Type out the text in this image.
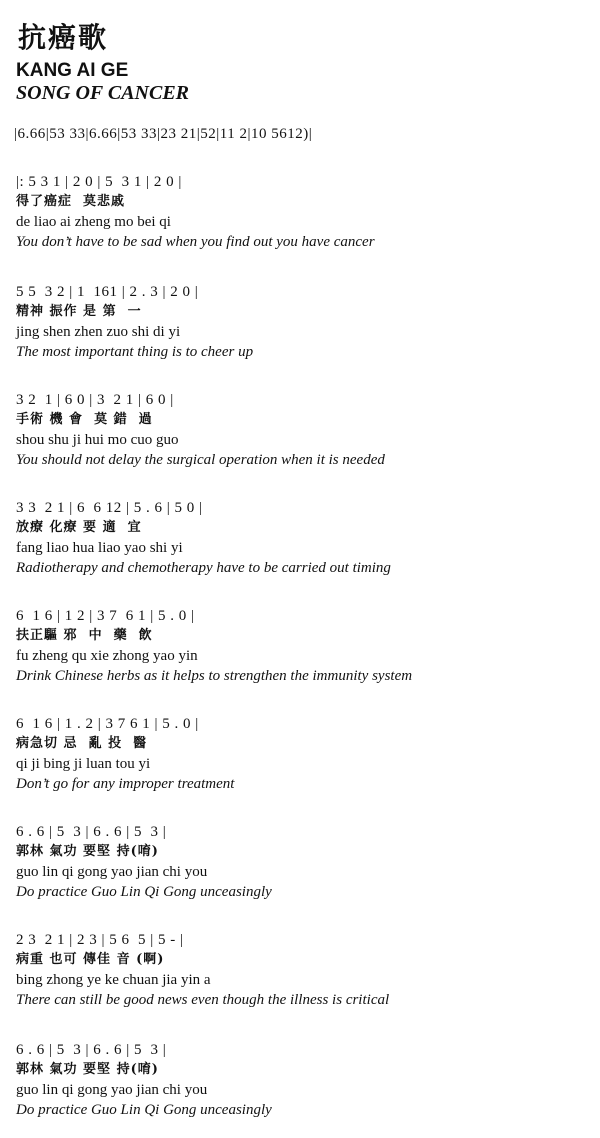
抗癌歌
KANG AI GE
SONG OF CANCER
|6.66|53 33|6.66|53 33|23 21|52|11 2|10 5612)|
|: 5 3 1 | 2 0 | 5  3 1 | 2 0 |
得了癌症  莫悲戚
de liao ai zheng mo bei qi
You don’t have to be sad when you find out you have cancer
5 5  3 2 | 1  161 | 2 . 3 | 2 0 |
精神 振作 是 第  一
jing shen zhen zuo shi di yi
The most important thing is to cheer up
3 2  1 | 6 0 | 3  2 1 | 6 0 |
手術 機 會  莫 錯  過
shou shu ji hui mo cuo guo
You should not delay the surgical operation when it is needed
3 3  2 1 | 6  6 12 | 5 . 6 | 5 0 |
放療 化療 要 適  宜
fang liao hua liao yao shi yi
Radiotherapy and chemotherapy have to be carried out timing
6  1 6 | 1 2 | 3 7  6 1 | 5 . 0 |
扶正驅 邪  中  藥  飲
fu zheng qu xie zhong yao yin
Drink Chinese herbs as it helps to strengthen the immunity system
6  1 6 | 1 . 2 | 3 7 6 1 | 5 . 0 |
病急切 忌  亂 投  醫
qi ji bing ji luan tou yi
Don’t go for any improper treatment
6 . 6 | 5  3 | 6 . 6 | 5  3 |
郭林 氣功 要堅 持(唷)
guo lin qi gong yao jian chi you
Do practice Guo Lin Qi Gong unceasingly
2 3  2 1 | 2 3 | 5 6  5 | 5 - |
病重 也可 傳佳 音 (啊)
bing zhong ye ke chuan jia yin a
There can still be good news even though the illness is critical
6 . 6 | 5  3 | 6 . 6 | 5  3 |
郭林 氣功 要堅 持(唷)
guo lin qi gong yao jian chi you
Do practice Guo Lin Qi Gong unceasingly
